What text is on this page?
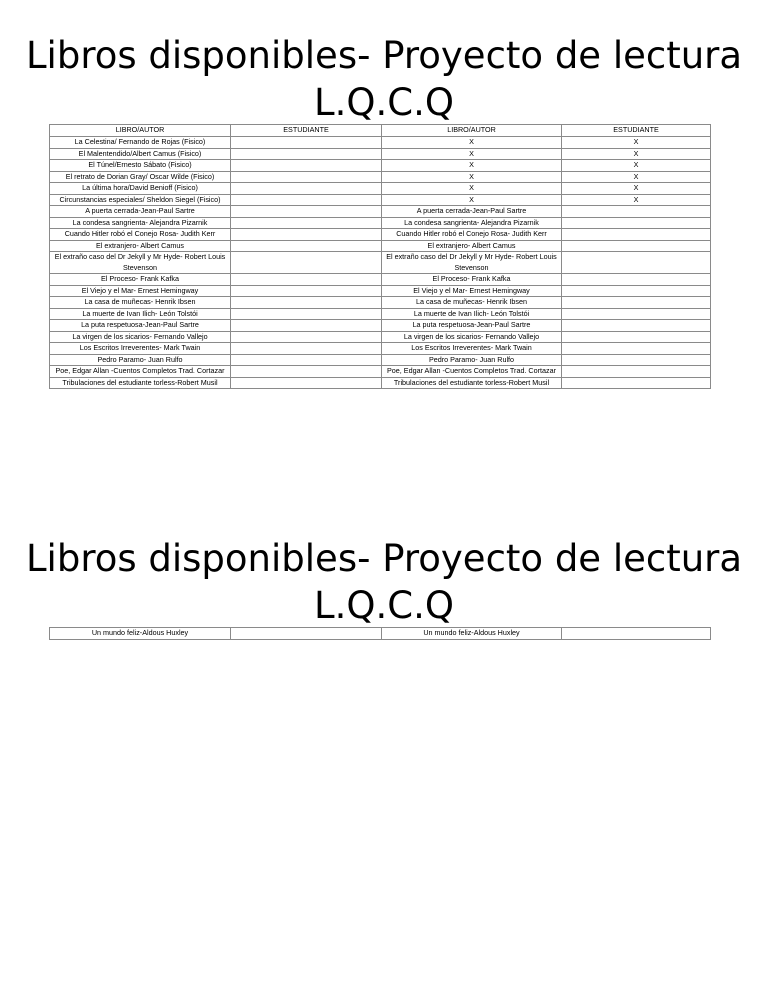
Libros disponibles- Proyecto de lectura L.Q.C.Q
LIBRO/AUTOR	ESTUDIANTE	LIBRO/AUTOR	ESTUDIANTE
La Celestina/ Fernando de Rojas (Fisico)		X	X
El Malentendido/Albert Camus (Fisico)		X	X
El Túnel/Ernesto Sábato (Fisico)		X	X
El retrato de Dorian Gray/ Oscar Wilde (Fisico)		X	X
La última hora/David Benioff (Fisico)		X	X
Circunstancias especiales/ Sheldon Siegel (Fisico)		X	X
A puerta cerrada-Jean-Paul Sartre		A puerta cerrada-Jean-Paul Sartre	
La condesa sangrienta- Alejandra Pizarnik		La condesa sangrienta- Alejandra Pizarnik	
Cuando Hitler robó el Conejo Rosa- Judith Kerr		Cuando Hitler robó el Conejo Rosa- Judith Kerr	
El extranjero- Albert Camus		El extranjero- Albert Camus	
El extraño caso del Dr Jekyll y Mr Hyde- Robert Louis Stevenson		El extraño caso del Dr Jekyll y Mr Hyde- Robert Louis Stevenson	
El Proceso- Frank Kafka		El Proceso- Frank Kafka	
El Viejo y el Mar- Ernest Hemingway		El Viejo y el Mar- Ernest Hemingway	
La casa de muñecas- Henrik Ibsen		La casa de muñecas- Henrik Ibsen	
La muerte de Ivan Ilich- León Tolstói		La muerte de Ivan Ilich- León Tolstói	
La puta respetuosa-Jean-Paul Sartre		La puta respetuosa-Jean-Paul Sartre	
La virgen de los sicarios- Fernando Vallejo		La virgen de los sicarios- Fernando Vallejo	
Los Escritos Irreverentes- Mark Twain		Los Escritos Irreverentes- Mark Twain	
Pedro Paramo- Juan Rulfo		Pedro Paramo- Juan Rulfo	
Poe, Edgar Allan -Cuentos Completos Trad. Cortazar		Poe, Edgar Allan -Cuentos Completos Trad. Cortazar	
Tribulaciones del estudiante torless-Robert Musil		Tribulaciones del estudiante torless-Robert Musil	
Libros disponibles- Proyecto de lectura L.Q.C.Q
Un mundo feliz-Aldous Huxley		Un mundo feliz-Aldous Huxley	
